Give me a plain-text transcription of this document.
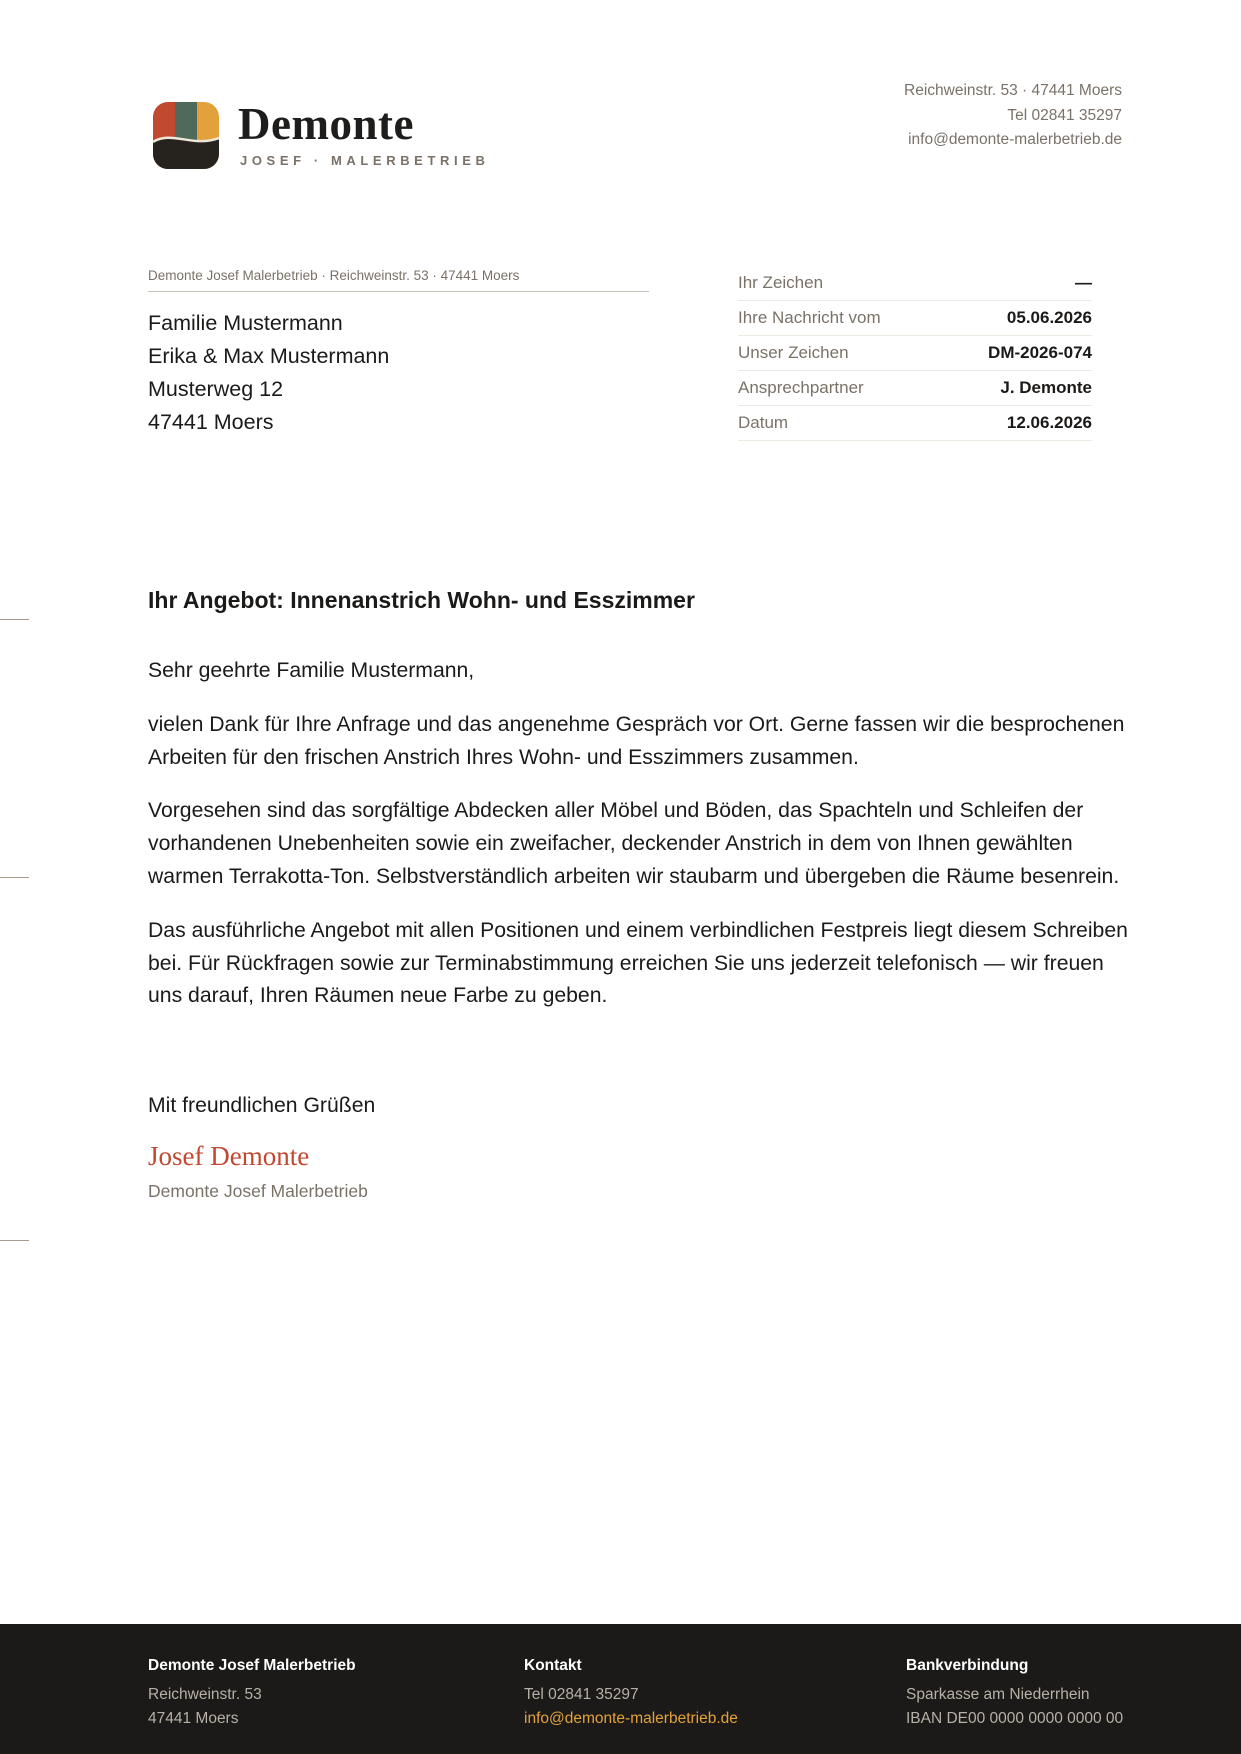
Demonte
JOSEF · MALERBETRIEB
Reichweinstr. 53 · 47441 Moers
Tel 02841 35297
info@demonte-malerbetrieb.de
Demonte Josef Malerbetrieb · Reichweinstr. 53 · 47441 Moers
Familie Mustermann
Erika & Max Mustermann
Musterweg 12
47441 Moers
Ihr Zeichen	—
Ihre Nachricht vom	05.06.2026
Unser Zeichen	DM-2026-074
Ansprechpartner	J. Demonte
Datum	12.06.2026
Ihr Angebot: Innenanstrich Wohn- und Esszimmer

Sehr geehrte Familie Mustermann,

vielen Dank für Ihre Anfrage und das angenehme Gespräch vor Ort. Gerne fassen wir die besprochenen Arbeiten für den frischen Anstrich Ihres Wohn- und Esszimmers zusammen.

Vorgesehen sind das sorgfältige Abdecken aller Möbel und Böden, das Spachteln und Schleifen der vorhandenen Unebenheiten sowie ein zweifacher, deckender Anstrich in dem von Ihnen gewählten warmen Terrakotta-Ton. Selbstverständlich arbeiten wir staubarm und übergeben die Räume besenrein.

Das ausführliche Angebot mit allen Positionen und einem verbindlichen Festpreis liegt diesem Schreiben bei. Für Rückfragen sowie zur Terminabstimmung erreichen Sie uns jederzeit telefonisch — wir freuen uns darauf, Ihren Räumen neue Farbe zu geben.

Mit freundlichen Grüßen
Josef Demonte
Demonte Josef Malerbetrieb
Demonte Josef Malerbetrieb
Reichweinstr. 53
47441 Moers
Kontakt
Tel 02841 35297
info@demonte-malerbetrieb.de
Bankverbindung
Sparkasse am Niederrhein
IBAN DE00 0000 0000 0000 00
